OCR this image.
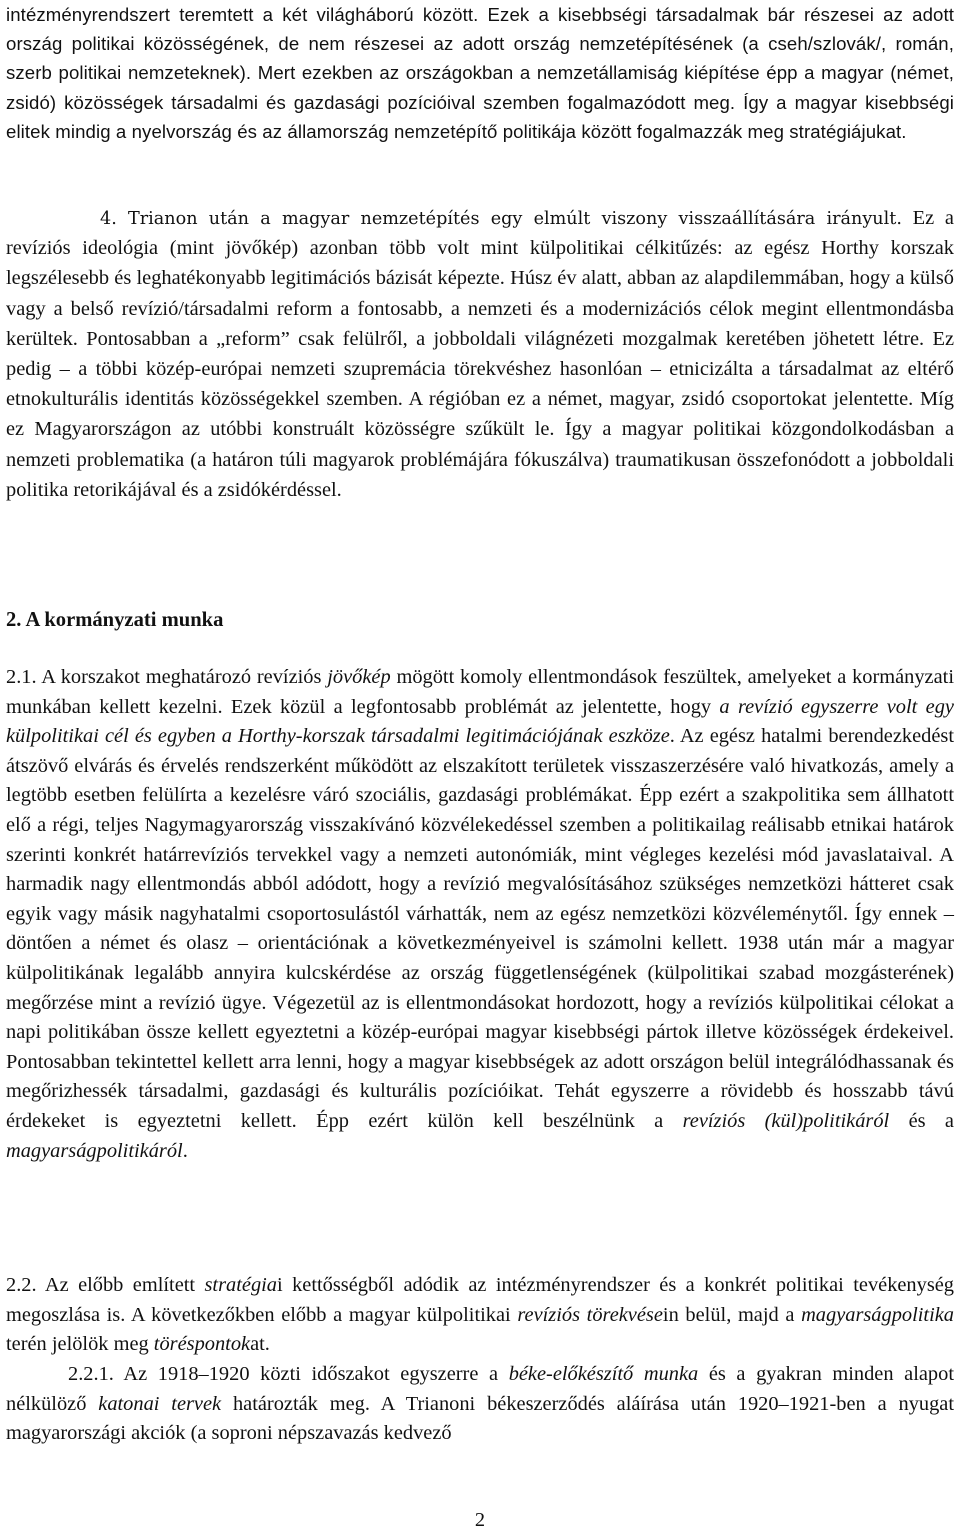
intézményrendszert teremtett a két világháború között. Ezek a kisebbségi társadalmak bár részesei az adott ország politikai közösségének, de nem részesei az adott ország nemzetépítésének (a cseh/szlovák/, román, szerb politikai nemzeteknek). Mert ezekben az országokban a nemzetállamiság kiépítése épp a magyar (német, zsidó) közösségek társadalmi és gazdasági pozícióival szemben fogalmazódott meg. Így a magyar kisebbségi elitek mindig a nyelvország és az államország nemzetépítő politikája között fogalmazzák meg stratégiájukat.

4. Trianon után a magyar nemzetépítés egy elmúlt viszony visszaállítására irányult. Ez a revíziós ideológia (mint jövőkép) azonban több volt mint külpolitikai célkitűzés: az egész Horthy korszak legszélesebb és leghatékonyabb legitimációs bázisát képezte. Húsz év alatt, abban az alapdilemmában, hogy a külső vagy a belső revízió/társadalmi reform a fontosabb, a nemzeti és a modernizációs célok megint ellentmondásba kerültek. Pontosabban a „reform” csak felülről, a jobboldali világnézeti mozgalmak keretében jöhetett létre. Ez pedig – a többi közép-európai nemzeti szupremácia törekvéshez hasonlóan – etnicizálta a társadalmat az eltérő etnokulturális identitás közösségekkel szemben. A régióban ez a német, magyar, zsidó csoportokat jelentette. Míg ez Magyarországon az utóbbi konstruált közösségre szűkült le. Így a magyar politikai közgondolkodásban a nemzeti problematika (a határon túli magyarok problémájára fókuszálva) traumatikusan összefonódott a jobboldali politika retorikájával és a zsidókérdéssel.

2. A kormányzati munka

2.1. A korszakot meghatározó revíziós jövőkép mögött komoly ellentmondások feszültek, amelyeket a kormányzati munkában kellett kezelni. Ezek közül a legfontosabb problémát az jelentette, hogy a revízió egyszerre volt egy külpolitikai cél és egyben a Horthy-korszak társadalmi legitimációjának eszköze. Az egész hatalmi berendezkedést átszövő elvárás és érvelés rendszerként működött az elszakított területek visszaszerzésére való hivatkozás, amely a legtöbb esetben felülírta a kezelésre váró szociális, gazdasági problémákat. Épp ezért a szakpolitika sem állhatott elő a régi, teljes Nagymagyarország visszakívánó közvélekedéssel szemben a politikailag reálisabb etnikai határok szerinti konkrét határrevíziós tervekkel vagy a nemzeti autonómiák, mint végleges kezelési mód javaslataival. A harmadik nagy ellentmondás abból adódott, hogy a revízió megvalósításához szükséges nemzetközi hátteret csak egyik vagy másik nagyhatalmi csoportosulástól várhatták, nem az egész nemzetközi közvéleménytől. Így ennek – döntően a német és olasz – orientációnak a következményeivel is számolni kellett. 1938 után már a magyar külpolitikának legalább annyira kulcskérdése az ország függetlenségének (külpolitikai szabad mozgásterének) megőrzése mint a revízió ügye. Végezetül az is ellentmondásokat hordozott, hogy a revíziós külpolitikai célokat a napi politikában össze kellett egyeztetni a közép-európai magyar kisebbségi pártok illetve közösségek érdekeivel. Pontosabban tekintettel kellett arra lenni, hogy a magyar kisebbségek az adott országon belül integrálódhassanak és megőrizhessék társadalmi, gazdasági és kulturális pozícióikat. Tehát egyszerre a rövidebb és hosszabb távú érdekeket is egyeztetni kellett. Épp ezért külön kell beszélnünk a revíziós (kül)politikáról és a magyarságpolitikáról.

2.2. Az előbb említett stratégiai kettősségből adódik az intézményrendszer és a konkrét politikai tevékenység megoszlása is. A következőkben előbb a magyar külpolitikai revíziós törekvésein belül, majd a magyarságpolitika terén jelölök meg töréspontokat.

2.2.1. Az 1918–1920 közti időszakot egyszerre a béke-előkészítő munka és a gyakran minden alapot nélkülöző katonai tervek határozták meg. A Trianoni békeszerződés aláírása után 1920–1921-ben a nyugat magyarországi akciók (a soproni népszavazás kedvező

2
